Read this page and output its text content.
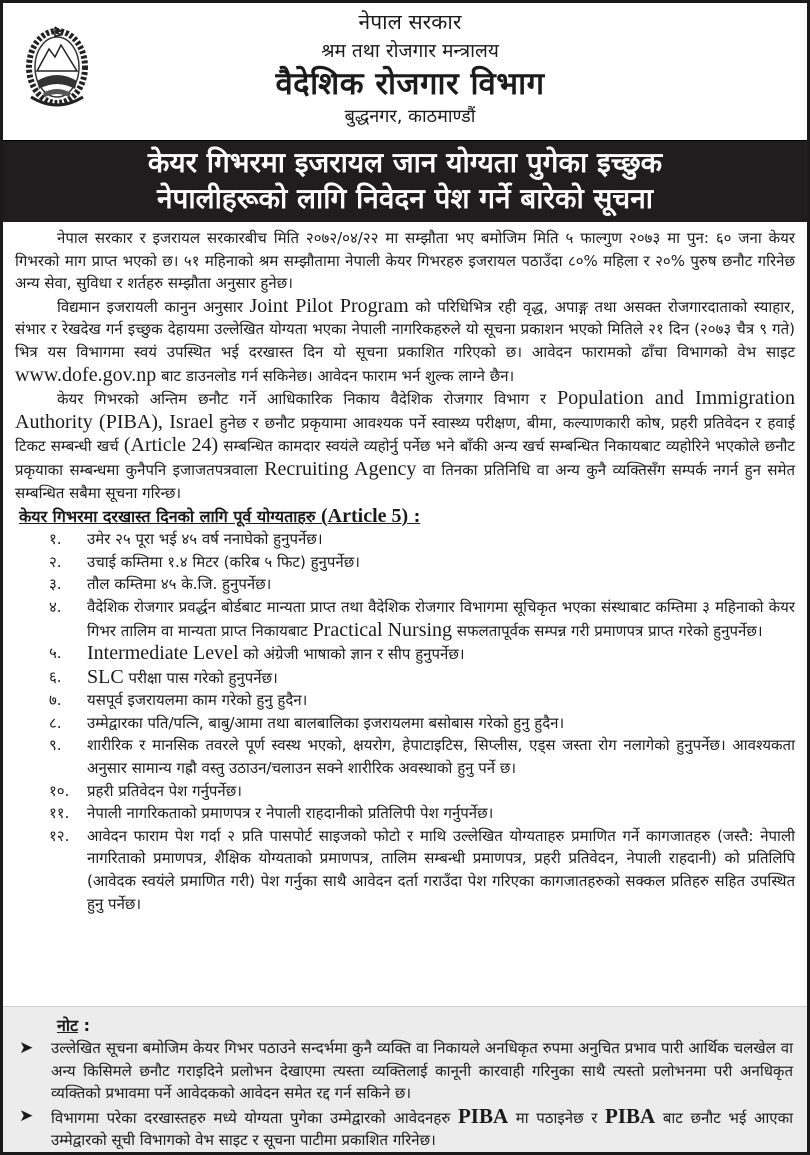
नेपाल सरकार
श्रम तथा रोजगार मन्त्रालय
वैदेशिक रोजगार विभाग
बुद्धनगर, काठमाण्डौं
केयर गिभरमा इजरायल जान योग्यता पुगेका इच्छुक
नेपालीहरूको लागि निवेदन पेश गर्ने बारेको सूचना

नेपाल सरकार र इजरायल सरकारबीच मिति २०७२/०४/२२ मा सम्झौता भए बमोजिम मिति ५ फाल्गुण २०७३ मा पुन: ६० जना केयर गिभरको माग प्राप्त भएको छ। ५१ महिनाको श्रम सम्झौतामा नेपाली केयर गिभरहरु इजरायल पठाउँदा ८०% महिला र २०% पुरुष छनौट गरिनेछ अन्य सेवा, सुविधा र शर्तहरु सम्झौता अनुसार हुनेछ।

विद्यमान इजरायली कानुन अनुसार Joint Pilot Program को परिधिभित्र रही वृद्ध, अपाङ्ग तथा असक्त रोजगारदाताको स्याहार, संभार र रेखदेख गर्न इच्छुक देहायमा उल्लेखित योग्यता भएका नेपाली नागरिकहरुले यो सूचना प्रकाशन भएको मितिले २१ दिन (२०७३ चैत्र ९ गते) भित्र यस विभागमा स्वयं उपस्थित भई दरखास्त दिन यो सूचना प्रकाशित गरिएको छ। आवेदन फारामको ढाँचा विभागको वेभ साइट www.dofe.gov.np बाट डाउनलोड गर्न सकिनेछ। आवेदन फाराम भर्न शुल्क लाग्ने छैन।

केयर गिभरको अन्तिम छनौट गर्ने आधिकारिक निकाय वैदेशिक रोजगार विभाग र Population and Immigration Authority (PIBA), Israel हुनेछ र छनौट प्रकृयामा आवश्यक पर्ने स्वास्थ्य परीक्षण, बीमा, कल्याणकारी कोष, प्रहरी प्रतिवेदन र हवाई टिकट सम्बन्धी खर्च (Article 24) सम्बन्धित कामदार स्वयंले व्यहोर्नु पर्नेछ भने बाँकी अन्य खर्च सम्बन्धित निकायबाट व्यहोरिने भएकोले छनौट प्रकृयाका सम्बन्धमा कुनैपनि इजाजतपत्रवाला Recruiting Agency वा तिनका प्रतिनिधि वा अन्य कुनै व्यक्तिसँग सम्पर्क नगर्न हुन समेत सम्बन्धित सबैमा सूचना गरिन्छ।

केयर गिभरमा दरखास्त दिनको लागि पूर्व योग्यताहरु (Article 5) :
१. उमेर २५ पूरा भई ४५ वर्ष ननाघेको हुनुपर्नेछ।
२. उचाई कम्तिमा १.४ मिटर (करिब ५ फिट) हुनुपर्नेछ।
३. तौल कम्तिमा ४५ के.जि. हुनुपर्नेछ।
४. वैदेशिक रोजगार प्रवर्द्धन बोर्डबाट मान्यता प्राप्त तथा वैदेशिक रोजगार विभागमा सूचिकृत भएका संस्थाबाट कम्तिमा ३ महिनाको केयर गिभर तालिम वा मान्यता प्राप्त निकायबाट Practical Nursing सफलतापूर्वक सम्पन्न गरी प्रमाणपत्र प्राप्त गरेको हुनुपर्नेछ।
५. Intermediate Level को अंग्रेजी भाषाको ज्ञान र सीप हुनुपर्नेछ।
६. SLC परीक्षा पास गरेको हुनुपर्नेछ।
७. यसपूर्व इजरायलमा काम गरेको हुनु हुदैन।
८. उम्मेद्वारका पति/पत्नि, बाबु/आमा तथा बालबालिका इजरायलमा बसोबास गरेको हुनु हुदैन।
९. शारीरिक र मानसिक तवरले पूर्ण स्वस्थ भएको, क्षयरोग, हेपाटाइटिस, सिप्लीस, एड्स जस्ता रोग नलागेको हुनुपर्नेछ। आवश्यकता अनुसार सामान्य गह्रौ वस्तु उठाउन/चलाउन सक्ने शारीरिक अवस्थाको हुनु पर्ने छ।
१०. प्रहरी प्रतिवेदन पेश गर्नुपर्नेछ।
११. नेपाली नागरिकताको प्रमाणपत्र र नेपाली राहदानीको प्रतिलिपी पेश गर्नुपर्नेछ।
१२. आवेदन फाराम पेश गर्दा २ प्रति पासपोर्ट साइजको फोटो र माथि उल्लेखित योग्यताहरु प्रमाणित गर्ने कागजातहरु (जस्तै: नेपाली नागरिताको प्रमाणपत्र, शैक्षिक योग्यताको प्रमाणपत्र, तालिम सम्बन्धी प्रमाणपत्र, प्रहरी प्रतिवेदन, नेपाली राहदानी) को प्रतिलिपि (आवेदक स्वयंले प्रमाणित गरी) पेश गर्नुका साथै आवेदन दर्ता गराउँदा पेश गरिएका कागजातहरुको सक्कल प्रतिहरु सहित उपस्थित हुनु पर्नेछ।
नोट :
➤ उल्लेखित सूचना बमोजिम केयर गिभर पठाउने सन्दर्भमा कुनै व्यक्ति वा निकायले अनधिकृत रुपमा अनुचित प्रभाव पारी आर्थिक चलखेल वा अन्य किसिमले छनौट गराइदिने प्रलोभन देखाएमा त्यस्ता व्यक्तिलाई कानूनी कारवाही गरिनुका साथै त्यस्तो प्रलोभनमा परी अनधिकृत व्यक्तिको प्रभावमा पर्ने आवेदकको आवेदन समेत रद्द गर्न सकिने छ।
➤ विभागमा परेका दरखास्तहरु मध्ये योग्यता पुगेका उम्मेद्वारको आवेदनहरु PIBA मा पठाइनेछ र PIBA बाट छनौट भई आएका उम्मेद्वारको सूची विभागको वेभ साइट र सूचना पाटीमा प्रकाशित गरिनेछ।
